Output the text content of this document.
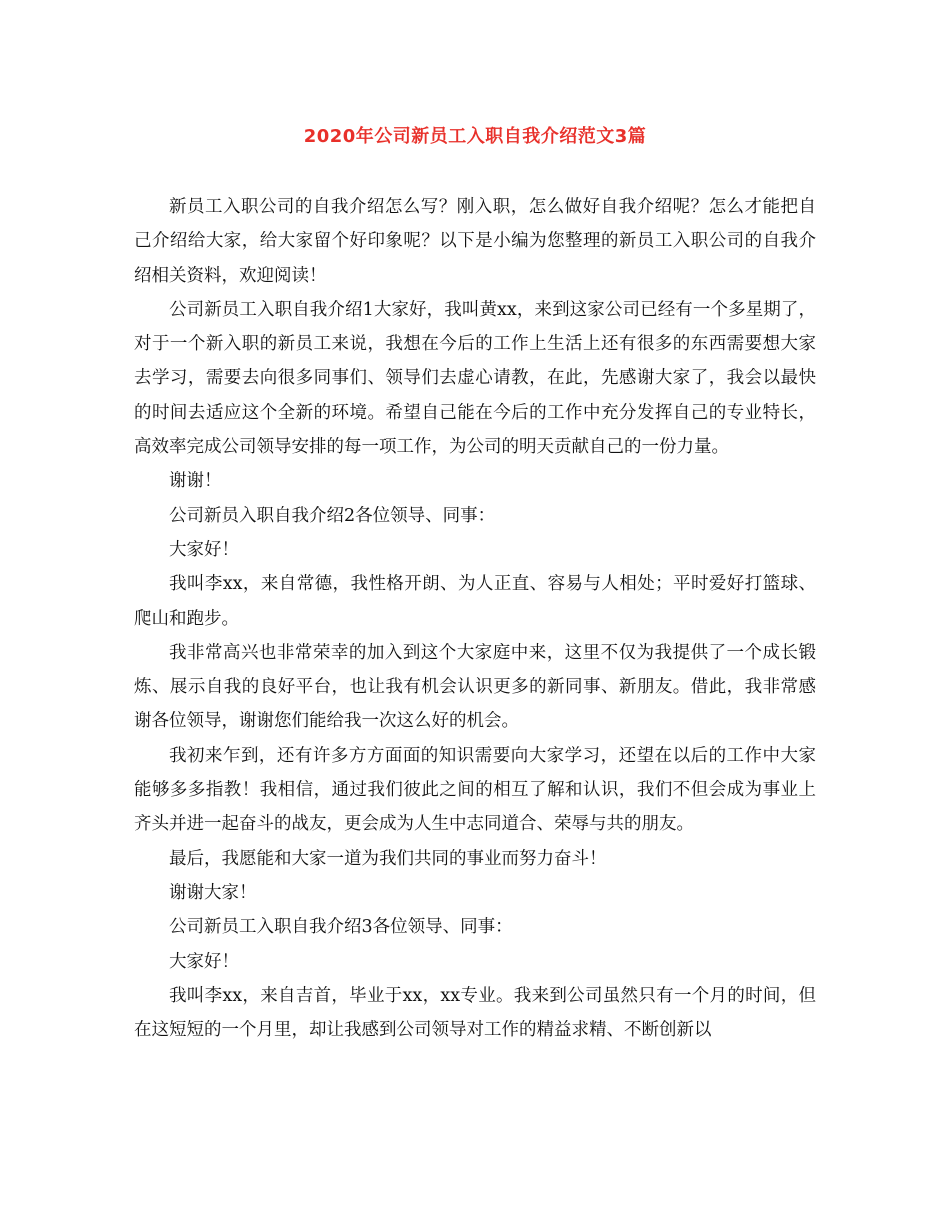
2020年公司新员工入职自我介绍范文3篇

新员工入职公司的自我介绍怎么写？刚入职，怎么做好自我介绍呢？怎么才能把自己介绍给大家，给大家留个好印象呢？以下是小编为您整理的新员工入职公司的自我介绍相关资料，欢迎阅读！

公司新员工入职自我介绍1大家好，我叫黄xx，来到这家公司已经有一个多星期了，对于一个新入职的新员工来说，我想在今后的工作上生活上还有很多的东西需要想大家去学习，需要去向很多同事们、领导们去虚心请教，在此，先感谢大家了，我会以最快的时间去适应这个全新的环境。希望自己能在今后的工作中充分发挥自己的专业特长，高效率完成公司领导安排的每一项工作，为公司的明天贡献自己的一份力量。

谢谢！

公司新员入职自我介绍2各位领导、同事：

大家好！

我叫李xx，来自常德，我性格开朗、为人正直、容易与人相处；平时爱好打篮球、爬山和跑步。

我非常高兴也非常荣幸的加入到这个大家庭中来，这里不仅为我提供了一个成长锻炼、展示自我的良好平台，也让我有机会认识更多的新同事、新朋友。借此，我非常感谢各位领导，谢谢您们能给我一次这么好的机会。

我初来乍到，还有许多方方面面的知识需要向大家学习，还望在以后的工作中大家能够多多指教！我相信，通过我们彼此之间的相互了解和认识，我们不但会成为事业上齐头并进一起奋斗的战友，更会成为人生中志同道合、荣辱与共的朋友。

最后，我愿能和大家一道为我们共同的事业而努力奋斗！

谢谢大家！

公司新员工入职自我介绍3各位领导、同事：

大家好！

我叫李xx，来自吉首，毕业于xx，xx专业。我来到公司虽然只有一个月的时间，但在这短短的一个月里，却让我感到公司领导对工作的精益求精、不断创新以
